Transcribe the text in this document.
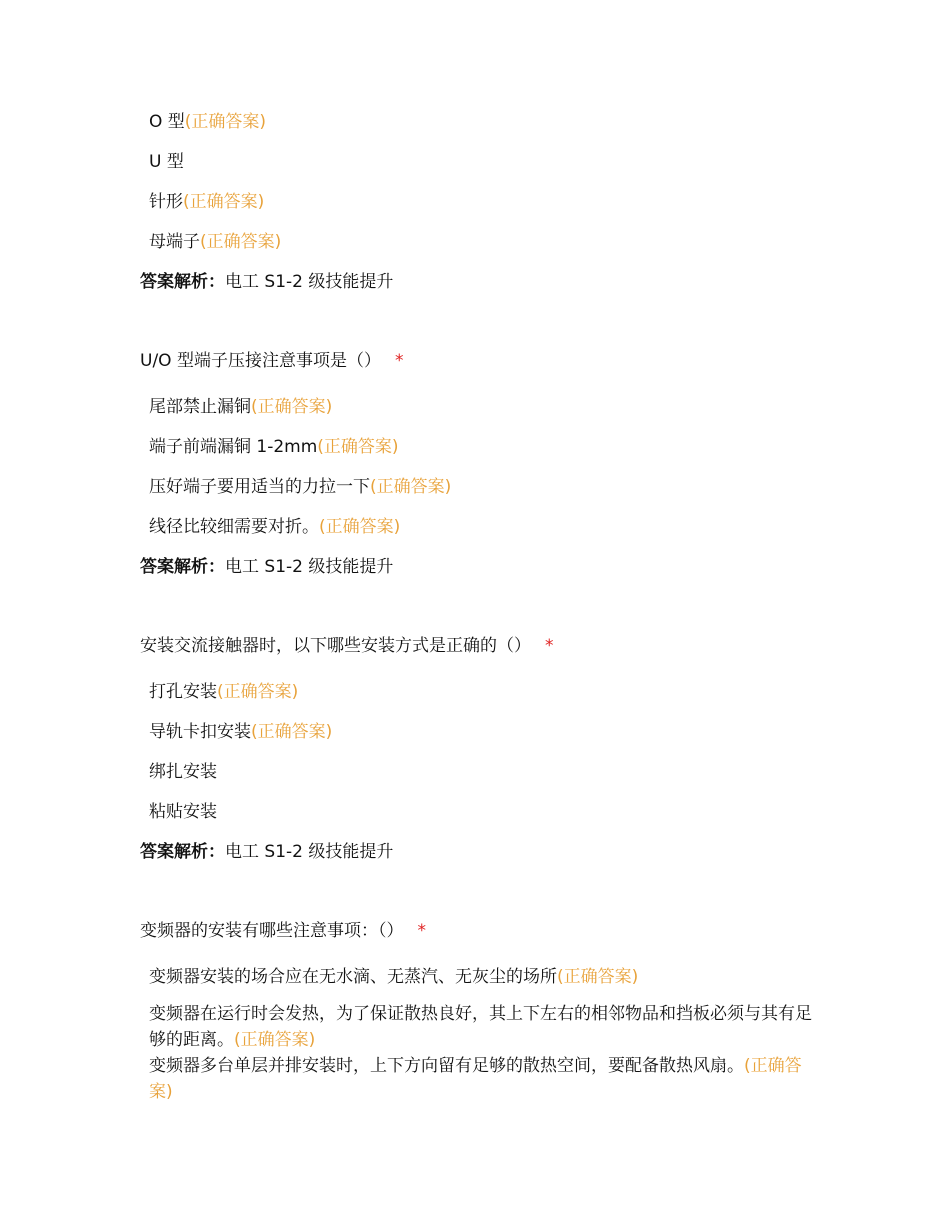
O 型(正确答案)
U 型
针形(正确答案)
母端子(正确答案)
答案解析：电工 S1-2 级技能提升
U/O 型端子压接注意事项是（） *
尾部禁止漏铜(正确答案)
端子前端漏铜 1-2mm(正确答案)
压好端子要用适当的力拉一下(正确答案)
线径比较细需要对折。(正确答案)
答案解析：电工 S1-2 级技能提升
安装交流接触器时，以下哪些安装方式是正确的（） *
打孔安装(正确答案)
导轨卡扣安装(正确答案)
绑扎安装
粘贴安装
答案解析：电工 S1-2 级技能提升
变频器的安装有哪些注意事项：（） *
变频器安装的场合应在无水滴、无蒸汽、无灰尘的场所(正确答案)
变频器在运行时会发热，为了保证散热良好，其上下左右的相邻物品和挡板必须与其有足够的距离。(正确答案)
变频器多台单层并排安装时，上下方向留有足够的散热空间，要配备散热风扇。(正确答案)
